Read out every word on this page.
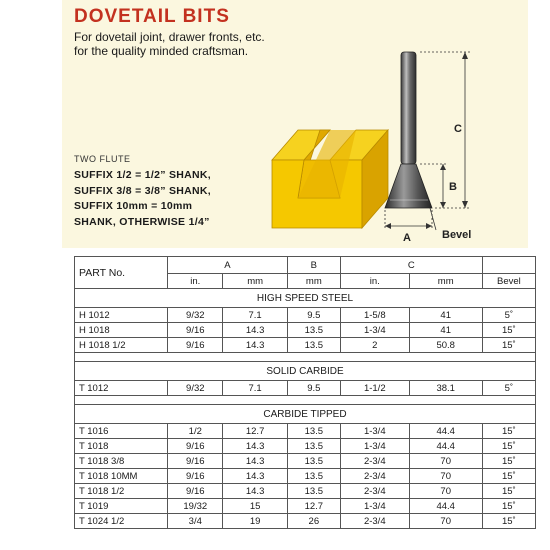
DOVETAIL BITS
For dovetail joint, drawer fronts, etc. for the quality minded craftsman.
TWO FLUTE
SUFFIX 1/2 = 1/2” SHANK,
SUFFIX 3/8 = 3/8” SHANK,
SUFFIX 10mm = 10mm
SHANK, OTHERWISE 1/4”
C
B
A	Bevel
PART No.	A		B	C		
	in.	mm	mm	in.	mm	Bevel
HIGH SPEED STEEL						
H 1012	9/32	7.1	9.5	1-5/8	41	5˚
H 1018	9/16	14.3	13.5	1-3/4	41	15˚
H 1018 1/2	9/16	14.3	13.5	2	50.8	15˚

SOLID CARBIDE						
T 1012	9/32	7.1	9.5	1-1/2	38.1	5˚

CARBIDE TIPPED						
T 1016	1/2	12.7	13.5	1-3/4	44.4	15˚
T 1018	9/16	14.3	13.5	1-3/4	44.4	15˚
T 1018 3/8	9/16	14.3	13.5	2-3/4	70	15˚
T 1018 10MM	9/16	14.3	13.5	2-3/4	70	15˚
T 1018 1/2	9/16	14.3	13.5	2-3/4	70	15˚
T 1019	19/32	15	12.7	1-3/4	44.4	15˚
T 1024 1/2	3/4	19	26	2-3/4	70	15˚
